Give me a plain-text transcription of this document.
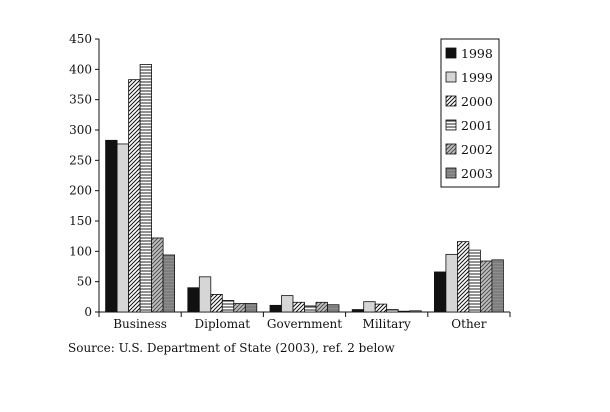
0
50
100
150
200
250
300
350
400
450
Business Diplomat Government Military	Other
1998
1999
2000
2001
2002
2003
Source: U.S. Department of State (2003), ref. 2 below
